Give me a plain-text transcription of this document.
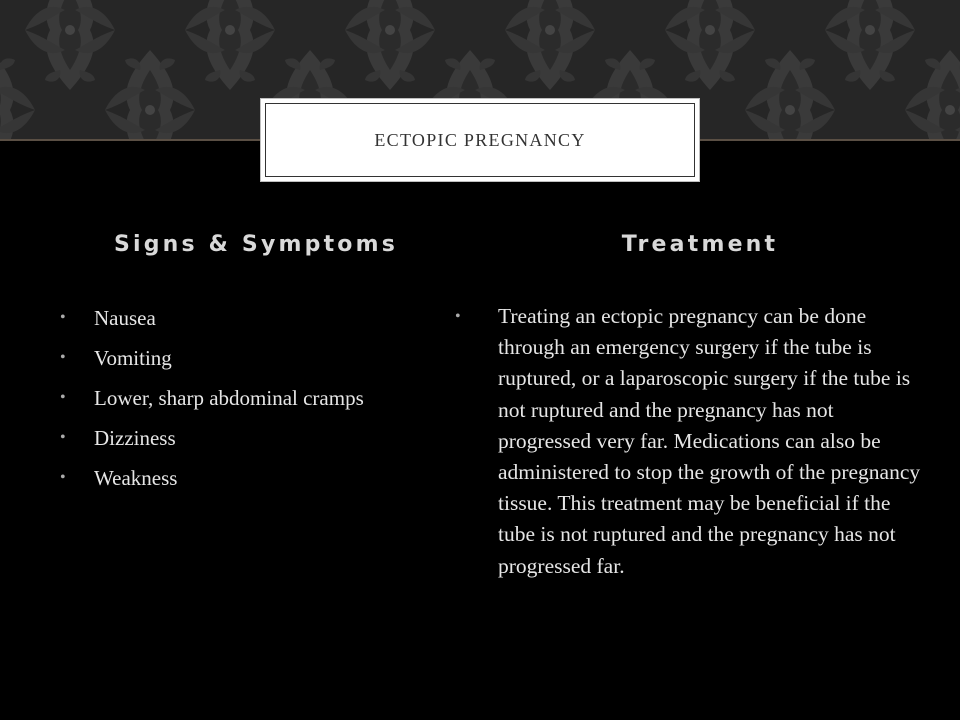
ECTOPIC PREGNANCY
Signs & Symptoms	Treatment
• Nausea
• Vomiting
• Lower, sharp abdominal cramps
• Dizziness
• Weakness
• Treating an ectopic pregnancy can be done through an emergency surgery if the tube is ruptured, or a laparoscopic surgery if the tube is not ruptured and the pregnancy has not progressed very far. Medications can also be administered to stop the growth of the pregnancy tissue. This treatment may be beneficial if the tube is not ruptured and the pregnancy has not progressed far.
